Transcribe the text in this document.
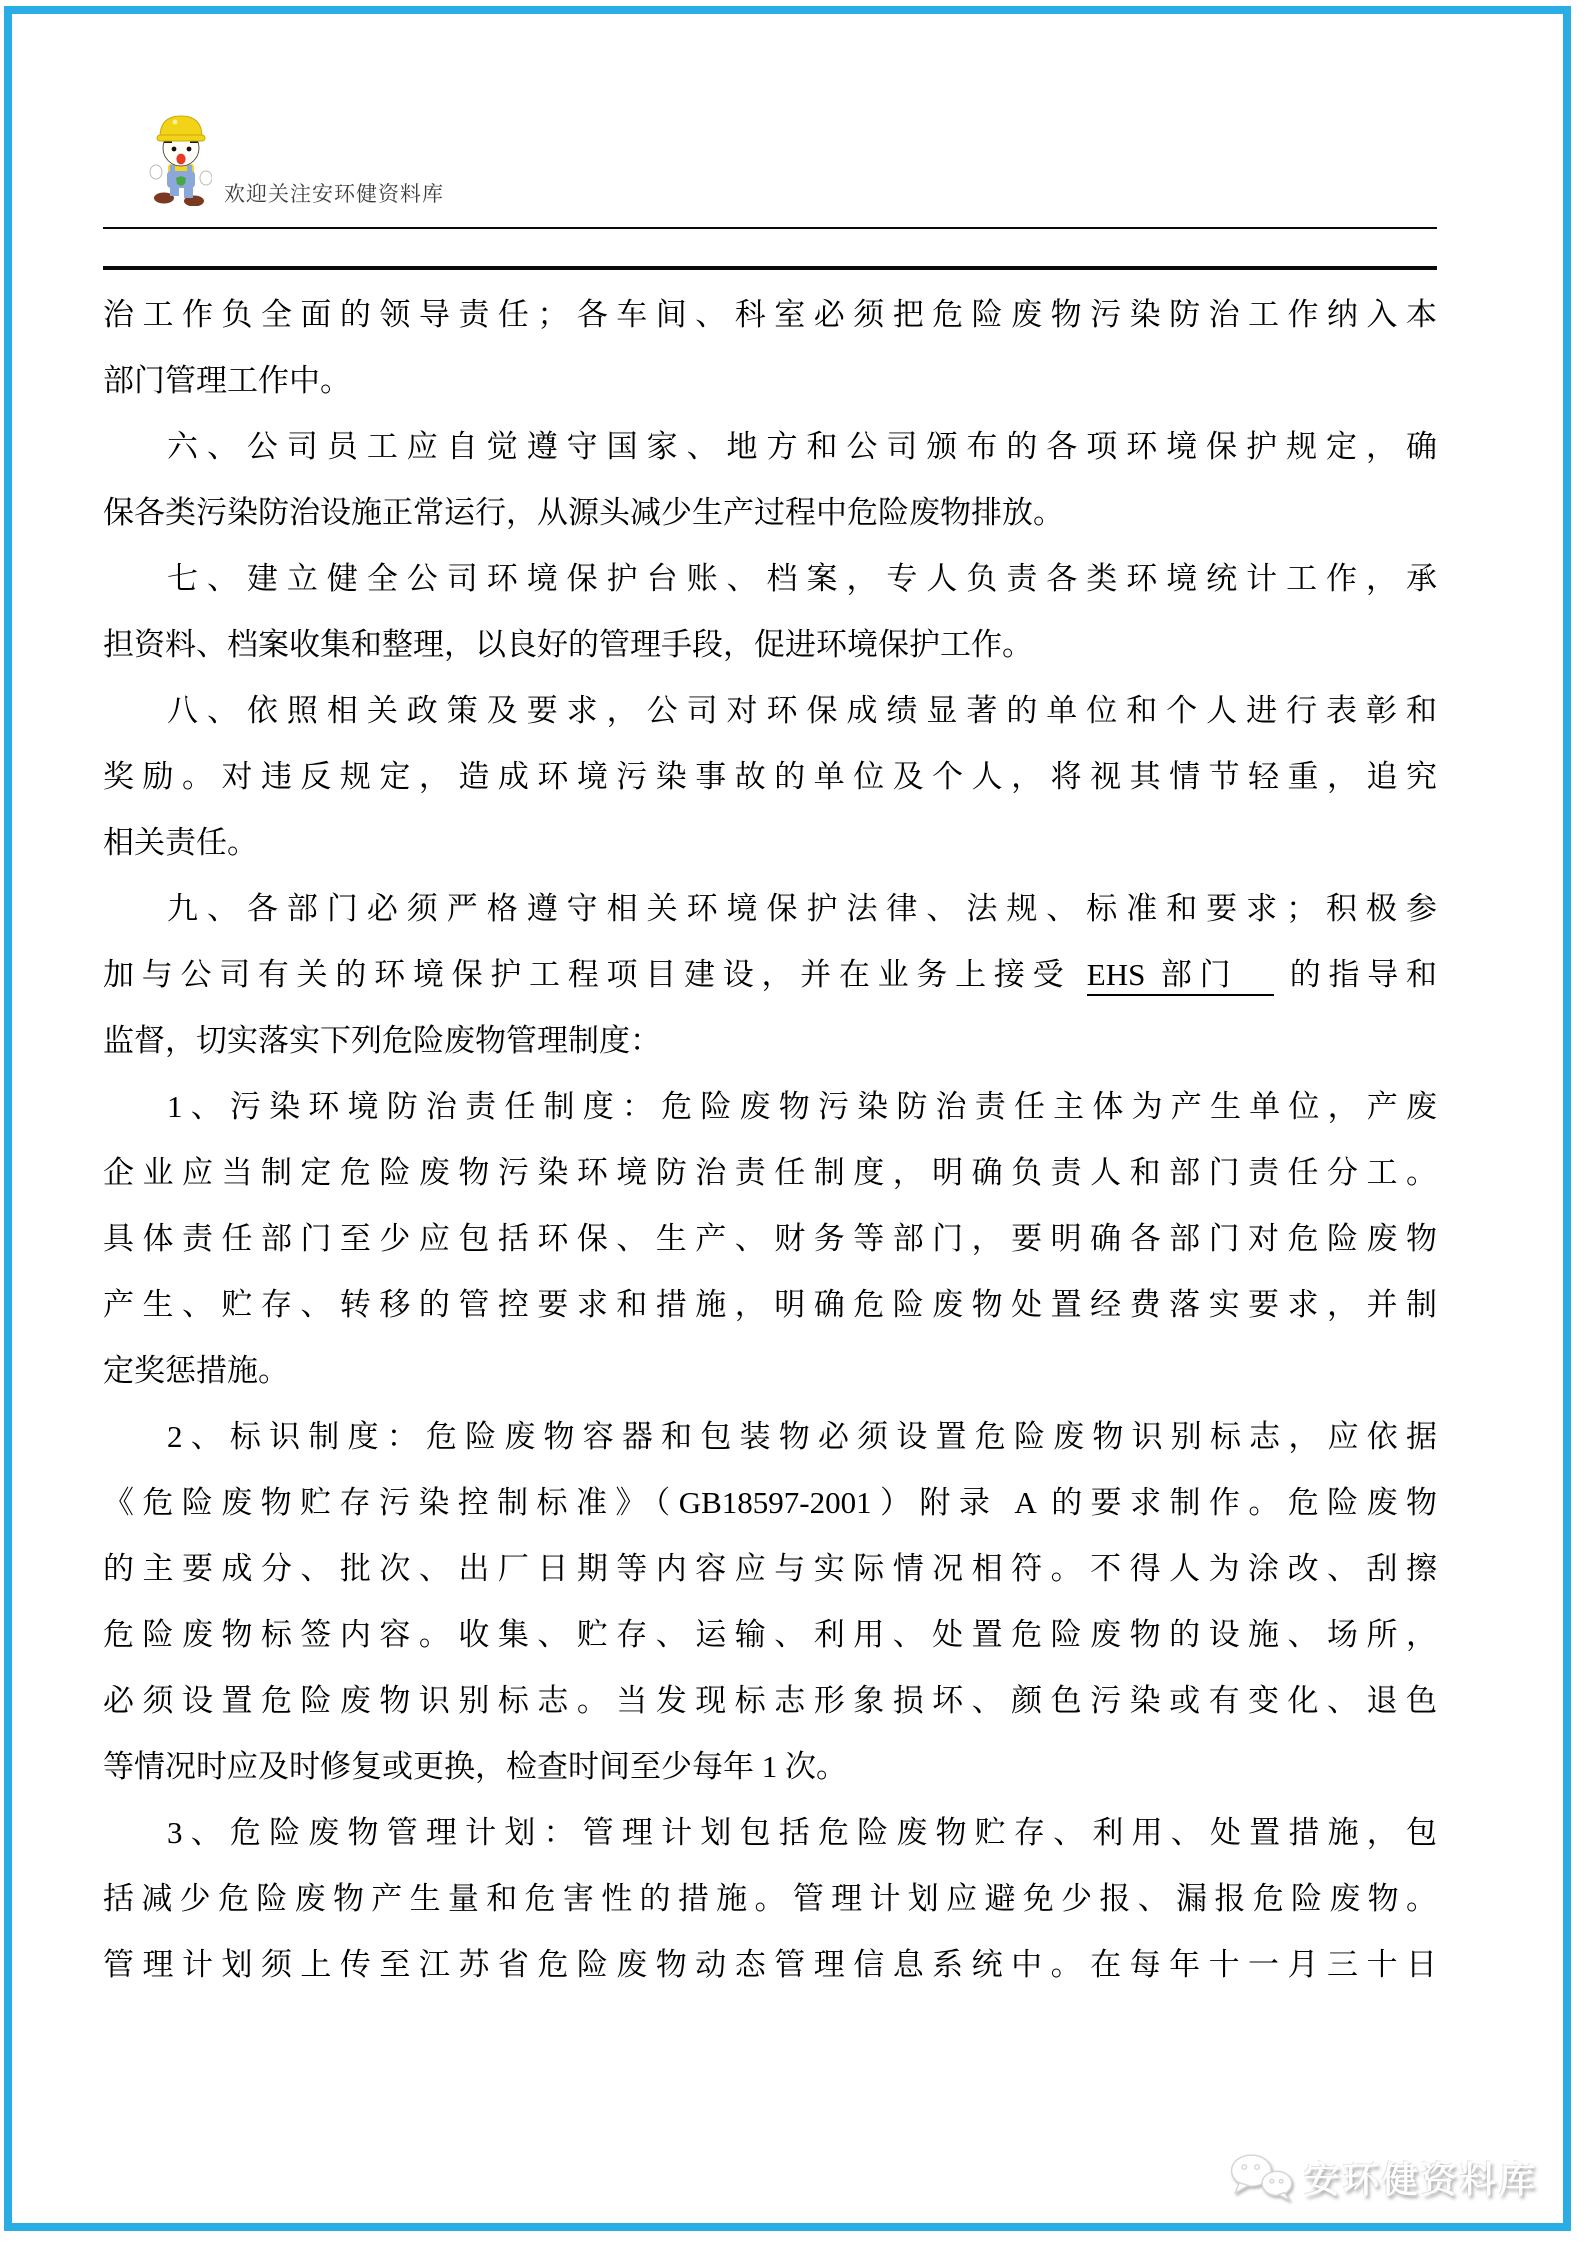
欢迎关注安环健资料库
治工作负全面的领导责任；各车间、科室必须把危险废物污染防治工作纳入本
部门管理工作中。
六、公司员工应自觉遵守国家、地方和公司颁布的各项环境保护规定，确
保各类污染防治设施正常运行，从源头减少生产过程中危险废物排放。
七、建立健全公司环境保护台账、档案，专人负责各类环境统计工作，承
担资料、档案收集和整理，以良好的管理手段，促进环境保护工作。
八、依照相关政策及要求，公司对环保成绩显著的单位和个人进行表彰和
奖励。对违反规定，造成环境污染事故的单位及个人，将视其情节轻重，追究
相关责任。
九、各部门必须严格遵守相关环境保护法律、法规、标准和要求；积极参
加与公司有关的环境保护工程项目建设，并在业务上接受 EHS 部门 的指导和
监督，切实落实下列危险废物管理制度：
1、污染环境防治责任制度：危险废物污染防治责任主体为产生单位，产废
企业应当制定危险废物污染环境防治责任制度，明确负责人和部门责任分工。
具体责任部门至少应包括环保、生产、财务等部门，要明确各部门对危险废物
产生、贮存、转移的管控要求和措施，明确危险废物处置经费落实要求，并制
定奖惩措施。
2、标识制度：危险废物容器和包装物必须设置危险废物识别标志，应依据
《危险废物贮存污染控制标准》（GB18597-2001）附录 A 的要求制作。危险废物
的主要成分、批次、出厂日期等内容应与实际情况相符。不得人为涂改、刮擦
危险废物标签内容。收集、贮存、运输、利用、处置危险废物的设施、场所，
必须设置危险废物识别标志。当发现标志形象损坏、颜色污染或有变化、退色
等情况时应及时修复或更换，检查时间至少每年 1 次。
3、危险废物管理计划：管理计划包括危险废物贮存、利用、处置措施，包
括减少危险废物产生量和危害性的措施。管理计划应避免少报、漏报危险废物。
管理计划须上传至江苏省危险废物动态管理信息系统中。在每年十一月三十日
安环健资料库
